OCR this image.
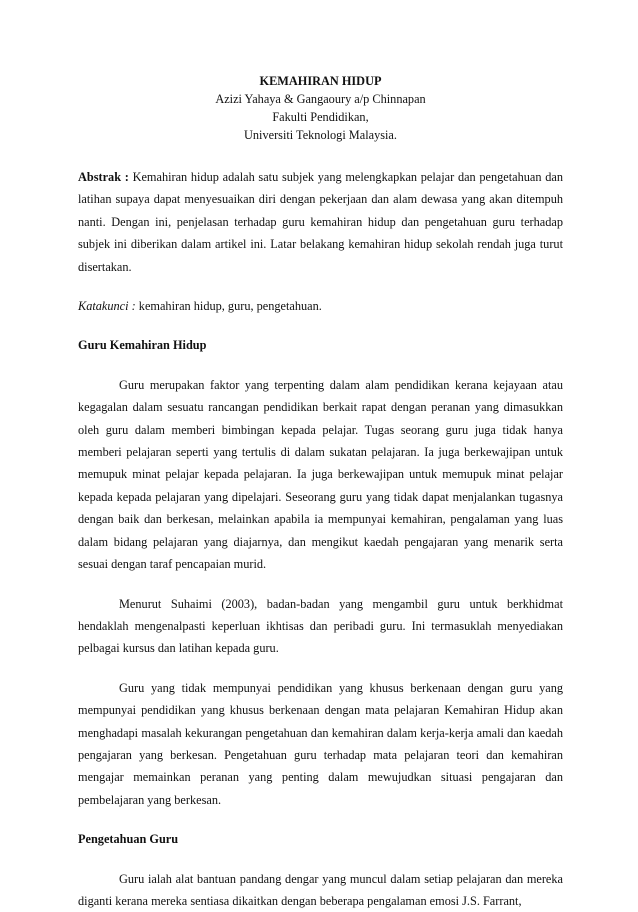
KEMAHIRAN HIDUP
Azizi Yahaya & Gangaoury a/p Chinnapan
Fakulti Pendidikan,
Universiti Teknologi Malaysia.

Abstrak : Kemahiran hidup adalah satu subjek yang melengkapkan pelajar dan pengetahuan dan latihan supaya dapat menyesuaikan diri dengan pekerjaan dan alam dewasa yang akan ditempuh nanti. Dengan ini, penjelasan terhadap guru kemahiran hidup dan pengetahuan guru terhadap subjek ini diberikan dalam artikel ini. Latar belakang kemahiran hidup sekolah rendah juga turut disertakan.

Katakunci : kemahiran hidup, guru, pengetahuan.

Guru Kemahiran Hidup

Guru merupakan faktor yang terpenting dalam alam pendidikan kerana kejayaan atau kegagalan dalam sesuatu rancangan pendidikan berkait rapat dengan peranan yang dimasukkan oleh guru dalam memberi bimbingan kepada pelajar. Tugas seorang guru juga tidak hanya memberi pelajaran seperti yang tertulis di dalam sukatan pelajaran. Ia juga berkewajipan untuk memupuk minat pelajar kepada pelajaran. Ia juga berkewajipan untuk memupuk minat pelajar kepada kepada pelajaran yang dipelajari. Seseorang guru yang tidak dapat menjalankan tugasnya dengan baik dan berkesan, melainkan apabila ia mempunyai kemahiran, pengalaman yang luas dalam bidang pelajaran yang diajarnya, dan mengikut kaedah pengajaran yang menarik serta sesuai dengan taraf pencapaian murid.

Menurut Suhaimi (2003), badan-badan yang mengambil guru untuk berkhidmat hendaklah mengenalpasti keperluan ikhtisas dan peribadi guru. Ini termasuklah menyediakan pelbagai kursus dan latihan kepada guru.

Guru yang tidak mempunyai pendidikan yang khusus berkenaan dengan guru yang mempunyai pendidikan yang khusus berkenaan dengan mata pelajaran Kemahiran Hidup akan menghadapi masalah kekurangan pengetahuan dan kemahiran dalam kerja-kerja amali dan kaedah pengajaran yang berkesan. Pengetahuan guru terhadap mata pelajaran teori dan kemahiran mengajar memainkan peranan yang penting dalam mewujudkan situasi pengajaran dan pembelajaran yang berkesan.

Pengetahuan Guru

Guru ialah alat bantuan pandang dengar yang muncul dalam setiap pelajaran dan mereka diganti kerana mereka sentiasa dikaitkan dengan beberapa pengalaman emosi J.S. Farrant,
